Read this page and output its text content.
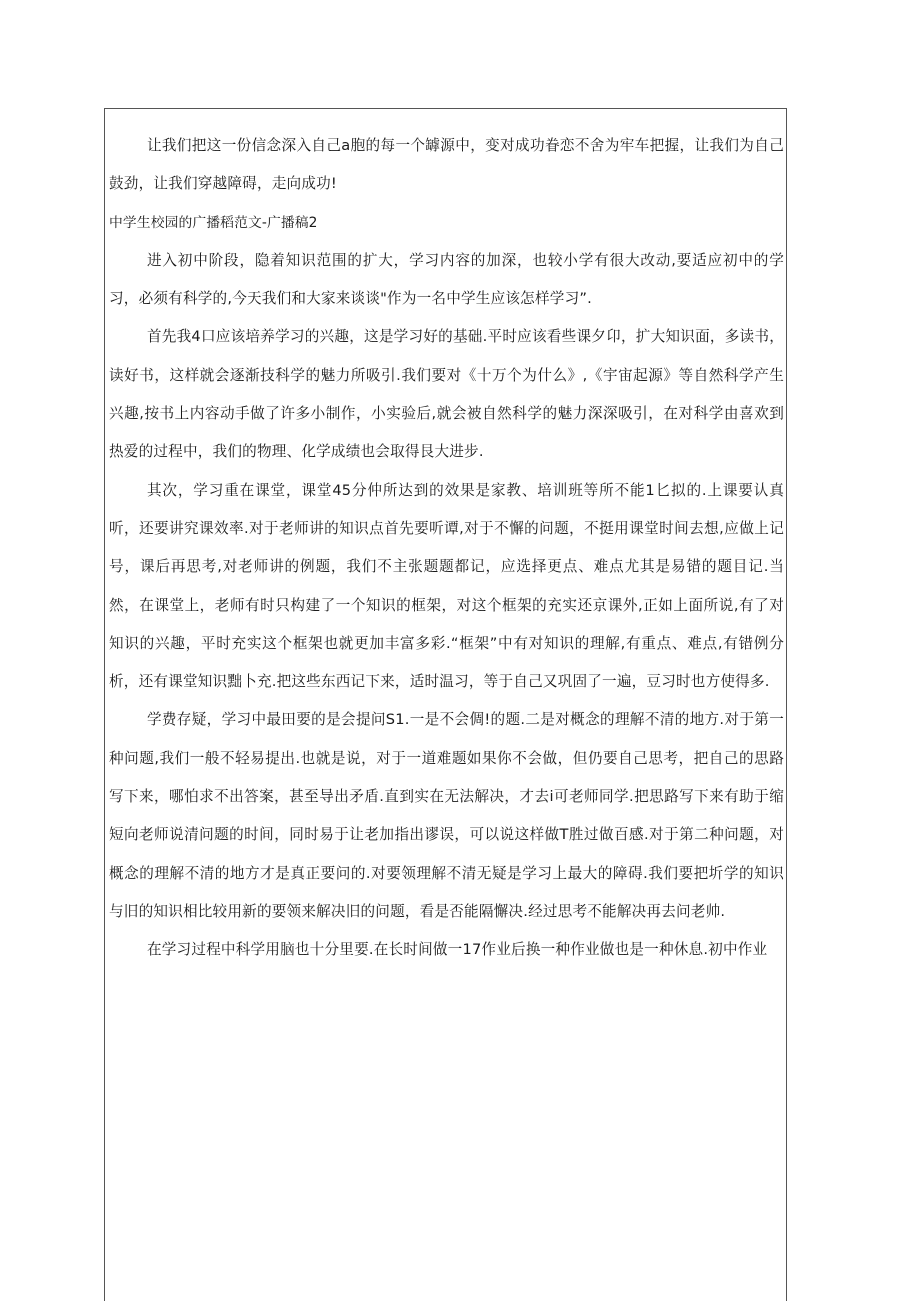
让我们把这一份信念深入自己a胞的每一个罅源中，变对成功眷恋不舍为牢车把握，让我们为自己鼓劲，让我们穿越障碍，走向成功!

中学生校园的广播稻范文-广播稿2

进入初中阶段，隐着知识范围的扩大，学习内容的加深，也较小学有很大改动,要适应初中的学习，必须有科学的,今天我们和大家来谈谈"作为一名中学生应该怎样学习”.

首先我4口应该培养学习的兴趣，这是学习好的基础.平时应该看些课夕卬，扩大知识面，多读书，读好书，这样就会逐渐技科学的魅力所吸引.我们要对《十万个为什么》,《宇宙起源》等自然科学产生兴趣,按书上内容动手做了许多小制作，小实验后,就会被自然科学的魅力深深吸引，在对科学由喜欢到热爱的过程中，我们的物理、化学成绩也会取得艮大进步.

其次，学习重在课堂，课堂45分仲所达到的效果是家教、培训班等所不能1匕拟的.上课要认真听，还要讲究课效率.对于老师讲的知识点首先要听谭,对于不懈的问题，不挺用课堂时间去想,应做上记号，课后再思考,对老师讲的例题，我们不主张题题都记，应选择更点、难点尤其是易错的题目记.当然，在课堂上，老师有时只构建了一个知识的框架，对这个框架的充实还京课外,正如上面所说,有了对知识的兴趣，平时充实这个框架也就更加丰富多彩.“框架”中有对知识的理解,有重点、难点,有错例分析，还有课堂知识黜卜充.把这些东西记下来，适时温习，等于自己又巩固了一遍，豆习时也方使得多.

学费存疑，学习中最田要的是会提问S1.一是不会倜!的题.二是对概念的理解不清的地方.对于第一种问题,我们一般不轻易提出.也就是说，对于一道难题如果你不会做，但仍要自己思考，把自己的思路写下来，哪怕求不出答案，甚至导出矛盾.直到实在无法解决，才去i可老师同学.把思路写下来有助于缩短向老师说清问题的时间，同时易于让老加指出谬误，可以说这样做T胜过做百感.对于第二种问题，对概念的理解不清的地方才是真正要问的.对要领理解不清无疑是学习上最大的障碍.我们要把圻学的知识与旧的知识相比较用新的要领来解决旧的问题，看是否能隔懈决.经过思考不能解决再去问老帅.

在学习过程中科学用脑也十分里要.在长时间做一17作业后换一种作业做也是一种休息.初中作业
